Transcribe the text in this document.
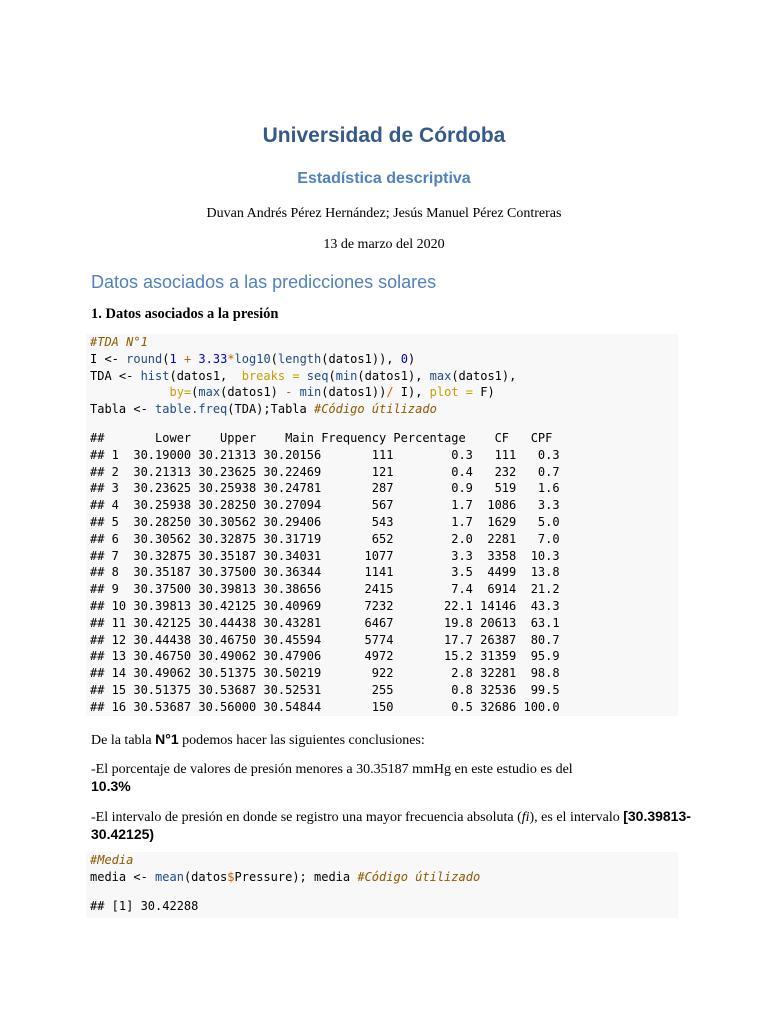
Universidad de Córdoba
Estadística descriptiva
Duvan Andrés Pérez Hernández; Jesús Manuel Pérez Contreras
13 de marzo del 2020
Datos asociados a las predicciones solares
1. Datos asociados a la presión
#TDA N°1
I <- round(1 + 3.33*log10(length(datos1)), 0)
TDA <- hist(datos1,  breaks = seq(min(datos1), max(datos1),
by=(max(datos1) - min(datos1))/ I), plot = F)
Tabla <- table.freq(TDA);Tabla #Código útilizado
##       Lower    Upper    Main Frequency Percentage    CF   CPF
## 1  30.19000 30.21313 30.20156       111        0.3   111   0.3
## 2  30.21313 30.23625 30.22469       121        0.4   232   0.7
## 3  30.23625 30.25938 30.24781       287        0.9   519   1.6
## 4  30.25938 30.28250 30.27094       567        1.7  1086   3.3
## 5  30.28250 30.30562 30.29406       543        1.7  1629   5.0
## 6  30.30562 30.32875 30.31719       652        2.0  2281   7.0
## 7  30.32875 30.35187 30.34031      1077        3.3  3358  10.3
## 8  30.35187 30.37500 30.36344      1141        3.5  4499  13.8
## 9  30.37500 30.39813 30.38656      2415        7.4  6914  21.2
## 10 30.39813 30.42125 30.40969      7232       22.1 14146  43.3
## 11 30.42125 30.44438 30.43281      6467       19.8 20613  63.1
## 12 30.44438 30.46750 30.45594      5774       17.7 26387  80.7
## 13 30.46750 30.49062 30.47906      4972       15.2 31359  95.9
## 14 30.49062 30.51375 30.50219       922        2.8 32281  98.8
## 15 30.51375 30.53687 30.52531       255        0.8 32536  99.5
## 16 30.53687 30.56000 30.54844       150        0.5 32686 100.0
De la tabla N°1 podemos hacer las siguientes conclusiones:
-El porcentaje de valores de presión menores a 30.35187 mmHg en este estudio es del
10.3%
-El intervalo de presión en donde se registro una mayor frecuencia absoluta (fi), es el intervalo [30.39813-30.42125)
#Media
media <- mean(datos$Pressure); media #Código útilizado
## [1] 30.42288
